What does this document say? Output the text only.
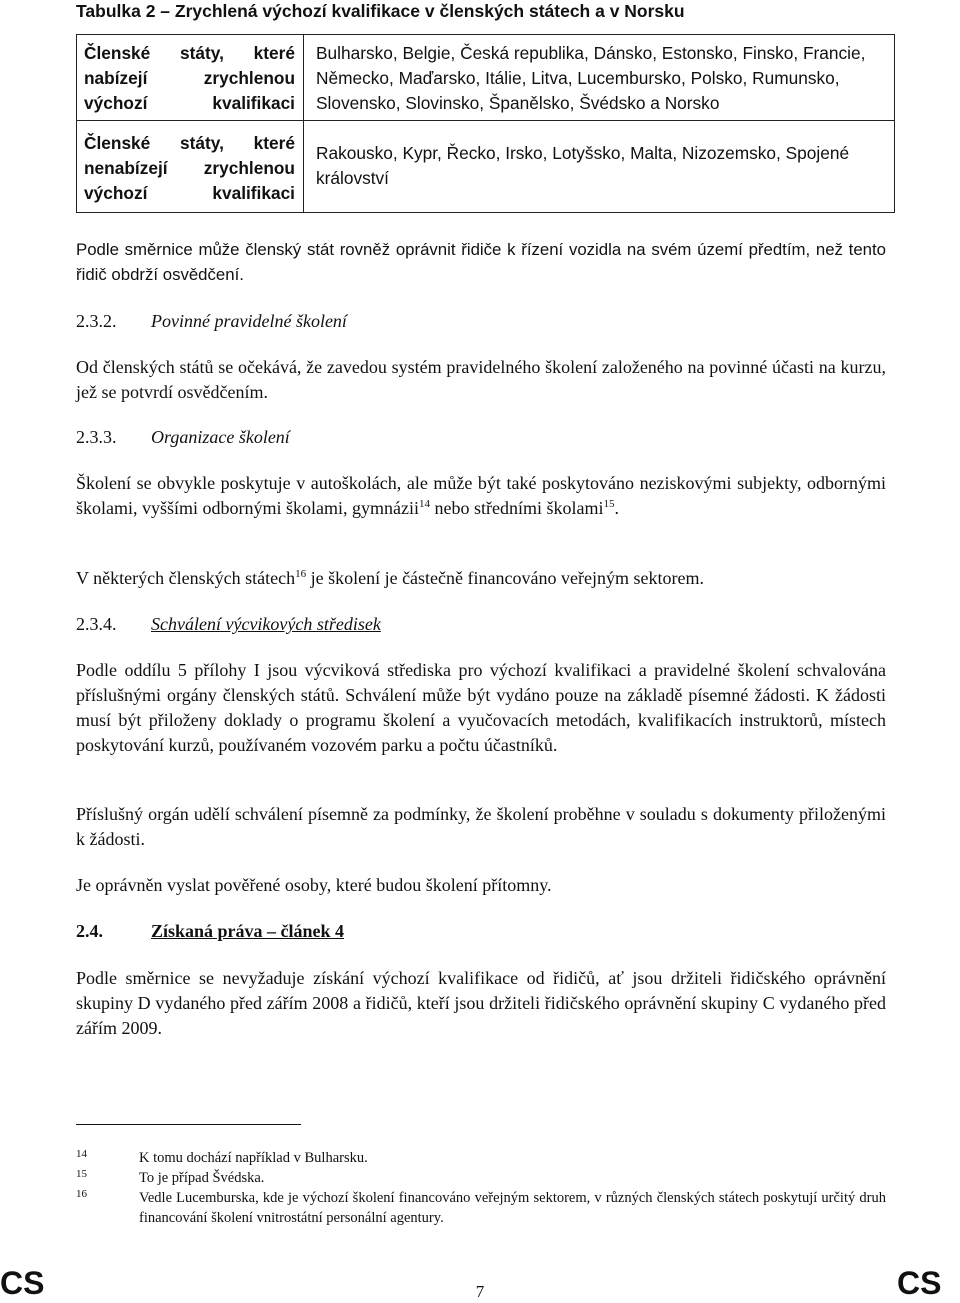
Tabulka 2 – Zrychlená výchozí kvalifikace v členských státech a v Norsku
Členské státy, které nabízejí zrychlenou výchozí kvalifikaci	Bulharsko, Belgie, Česká republika, Dánsko, Estonsko, Finsko, Francie, Německo, Maďarsko, Itálie, Litva, Lucembursko, Polsko, Rumunsko, Slovensko, Slovinsko, Španělsko, Švédsko a Norsko
Členské státy, které nenabízejí zrychlenou výchozí kvalifikaci	Rakousko, Kypr, Řecko, Irsko, Lotyšsko, Malta, Nizozemsko, Spojené království
Podle směrnice může členský stát rovněž oprávnit řidiče k řízení vozidla na svém území předtím, než tento řidič obdrží osvědčení.
2.3.2. Povinné pravidelné školení
Od členských států se očekává, že zavedou systém pravidelného školení založeného na povinné účasti na kurzu, jež se potvrdí osvědčením.
2.3.3. Organizace školení
Školení se obvykle poskytuje v autoškolách, ale může být také poskytováno neziskovými subjekty, odbornými školami, vyššími odbornými školami, gymnázii$^{14}$ nebo středními školami$^{15}$.
V některých členských státech$^{16}$ je školení je částečně financováno veřejným sektorem.
2.3.4. Schválení výcvikových středisek
Podle oddílu 5 přílohy I jsou výcviková střediska pro výchozí kvalifikaci a pravidelné školení schvalována příslušnými orgány členských států. Schválení může být vydáno pouze na základě písemné žádosti. K žádosti musí být přiloženy doklady o programu školení a vyučovacích metodách, kvalifikacích instruktorů, místech poskytování kurzů, používaném vozovém parku a počtu účastníků.
Příslušný orgán udělí schválení písemně za podmínky, že školení proběhne v souladu s dokumenty přiloženými k žádosti.
Je oprávněn vyslat pověřené osoby, které budou školení přítomny.
2.4.	Získaná práva – článek 4
Podle směrnice se nevyžaduje získání výchozí kvalifikace od řidičů, ať jsou držiteli řidičského oprávnění skupiny D vydaného před zářím 2008 a řidičů, kteří jsou držiteli řidičského oprávnění skupiny C vydaného před zářím 2009.
14	K tomu dochází například v Bulharsku.
15	To je případ Švédska.
16	Vedle Lucemburska, kde je výchozí školení financováno veřejným sektorem, v různých členských státech poskytují určitý druh financování školení vnitrostátní personální agentury.
CS	7	CS
